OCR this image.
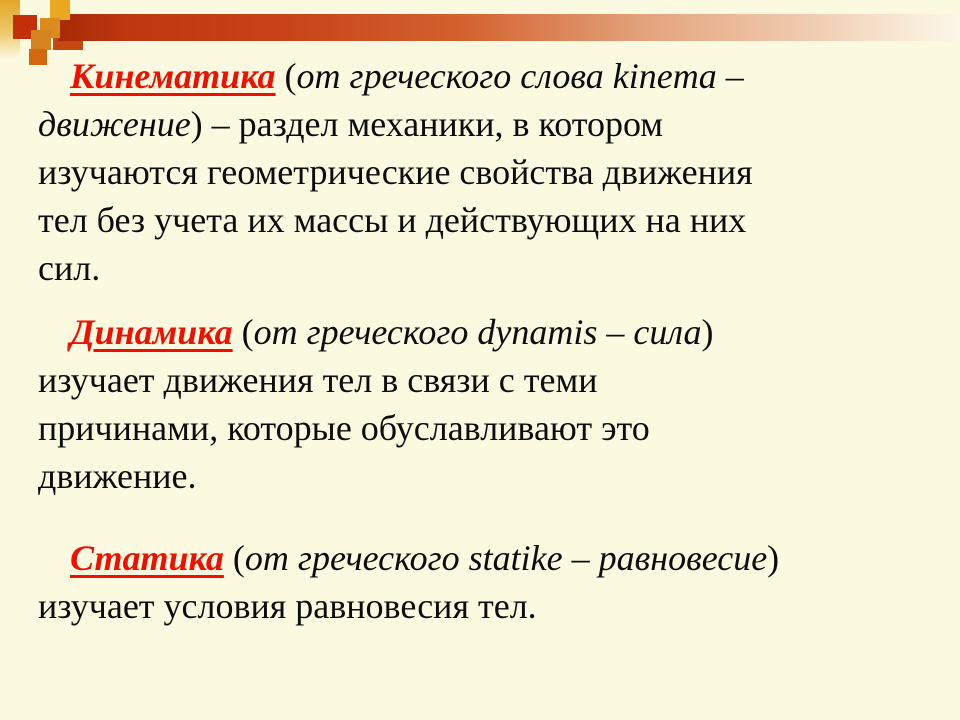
Кинематика (от греческого слова kinema –
движение) – раздел механики, в котором
изучаются геометрические свойства движения
тел без учета их массы и действующих на них
сил.
Динамика (от греческого dynamis – сила)
изучает движения тел в связи с теми
причинами, которые обуславливают это
движение.
Статика (от греческого statike – равновесие)
изучает условия равновесия тел.
